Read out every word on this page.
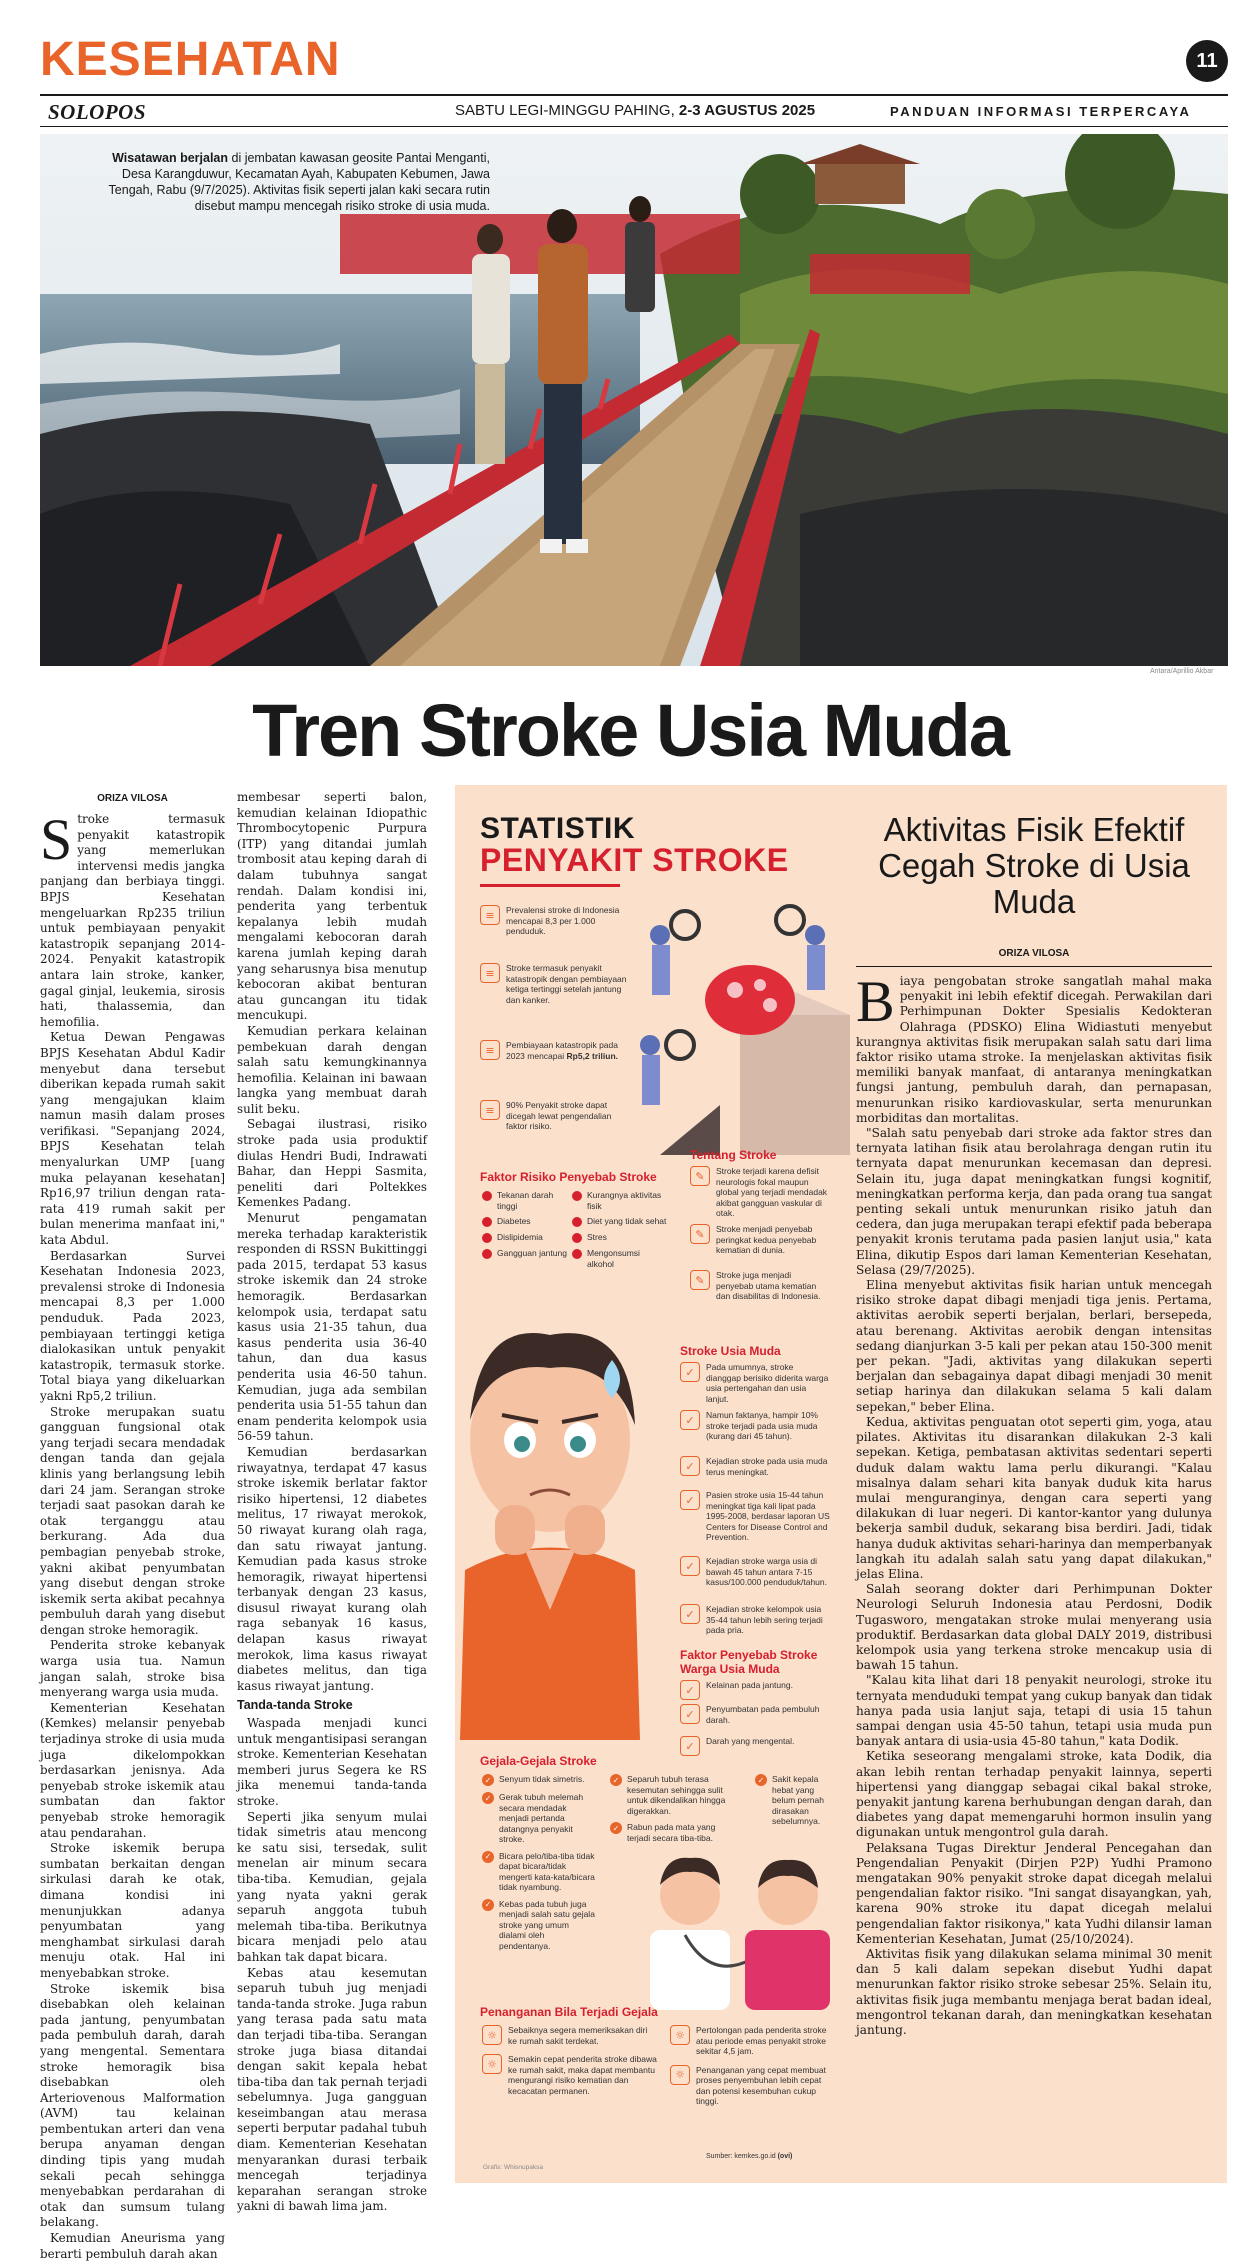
KESEHATAN	11
SOLOPOS	SABTU LEGI-MINGGU PAHING, 2-3 AGUSTUS 2025	PANDUAN INFORMASI TERPERCAYA
Wisatawan berjalan di jembatan kawasan geosite Pantai Menganti, Desa Karangduwur, Kecamatan Ayah, Kabupaten Kebumen, Jawa Tengah, Rabu (9/7/2025). Aktivitas fisik seperti jalan kaki secara rutin disebut mampu mencegah risiko stroke di usia muda.
Antara/Aprillio Akbar
Tren Stroke Usia Muda
ORIZA VILOSA

Stroke termasuk penyakit katastropik yang memerlukan intervensi medis jangka panjang dan berbiaya tinggi. BPJS Kesehatan mengeluarkan Rp235 triliun untuk pembiayaan penyakit katastropik sepanjang 2014-2024. Penyakit katastropik antara lain stroke, kanker, gagal ginjal, leukemia, sirosis hati, thalassemia, dan hemofilia.

Ketua Dewan Pengawas BPJS Kesehatan Abdul Kadir menyebut dana tersebut diberikan kepada rumah sakit yang mengajukan klaim namun masih dalam proses verifikasi. "Sepanjang 2024, BPJS Kesehatan telah menyalurkan UMP [uang muka pelayanan kesehatan] Rp16,97 triliun dengan rata-rata 419 rumah sakit per bulan menerima manfaat ini," kata Abdul.

Berdasarkan Survei Kesehatan Indonesia 2023, prevalensi stroke di Indonesia mencapai 8,3 per 1.000 penduduk. Pada 2023, pembiayaan tertinggi ketiga dialokasikan untuk penyakit katastropik, termasuk storke. Total biaya yang dikeluarkan yakni Rp5,2 triliun.

Stroke merupakan suatu gangguan fungsional otak yang terjadi secara mendadak dengan tanda dan gejala klinis yang berlangsung lebih dari 24 jam. Serangan stroke terjadi saat pasokan darah ke otak terganggu atau berkurang. Ada dua pembagian penyebab stroke, yakni akibat penyumbatan yang disebut dengan stroke iskemik serta akibat pecahnya pembuluh darah yang disebut dengan stroke hemoragik.

Penderita stroke kebanyak warga usia tua. Namun jangan salah, stroke bisa menyerang warga usia muda.

Kementerian Kesehatan (Kemkes) melansir penyebab terjadinya stroke di usia muda juga dikelompokkan berdasarkan jenisnya. Ada penyebab stroke iskemik atau sumbatan dan faktor penyebab stroke hemoragik atau pendarahan.

Stroke iskemik berupa sumbatan berkaitan dengan sirkulasi darah ke otak, dimana kondisi ini menunjukkan adanya penyumbatan yang menghambat sirkulasi darah menuju otak. Hal ini menyebabkan stroke.

Stroke iskemik bisa disebabkan oleh kelainan pada jantung, penyumbatan pada pembuluh darah, darah yang mengental. Sementara stroke hemoragik bisa disebabkan oleh Arteriovenous Malformation (AVM) tau kelainan pembentukan arteri dan vena berupa anyaman dengan dinding tipis yang mudah sekali pecah sehingga menyebabkan perdarahan di otak dan sumsum tulang belakang.

Kemudian Aneurisma yang berarti pembuluh darah akan

membesar seperti balon, kemudian kelainan Idiopathic Thrombocytopenic Purpura (ITP) yang ditandai jumlah trombosit atau keping darah di dalam tubuhnya sangat rendah. Dalam kondisi ini, penderita yang terbentuk kepalanya lebih mudah mengalami kebocoran darah karena jumlah keping darah yang seharusnya bisa menutup kebocoran akibat benturan atau guncangan itu tidak mencukupi.

Kemudian perkara kelainan pembekuan darah dengan salah satu kemungkinannya hemofilia. Kelainan ini bawaan langka yang membuat darah sulit beku.

Sebagai ilustrasi, risiko stroke pada usia produktif diulas Hendri Budi, Indrawati Bahar, dan Heppi Sasmita, peneliti dari Poltekkes Kemenkes Padang.

Menurut pengamatan mereka terhadap karakteristik responden di RSSN Bukittinggi pada 2015, terdapat 53 kasus stroke iskemik dan 24 stroke hemoragik. Berdasarkan kelompok usia, terdapat satu kasus usia 21-35 tahun, dua kasus penderita usia 36-40 tahun, dan dua kasus penderita usia 46-50 tahun. Kemudian, juga ada sembilan penderita usia 51-55 tahun dan enam penderita kelompok usia 56-59 tahun.

Kemudian berdasarkan riwayatnya, terdapat 47 kasus stroke iskemik berlatar faktor risiko hipertensi, 12 diabetes melitus, 17 riwayat merokok, 50 riwayat kurang olah raga, dan satu riwayat jantung. Kemudian pada kasus stroke hemoragik, riwayat hipertensi terbanyak dengan 23 kasus, disusul riwayat kurang olah raga sebanyak 16 kasus, delapan kasus riwayat merokok, lima kasus riwayat diabetes melitus, dan tiga kasus riwayat jantung.

Tanda-tanda Stroke

Waspada menjadi kunci untuk mengantisipasi serangan stroke. Kementerian Kesehatan memberi jurus Segera ke RS jika menemui tanda-tanda stroke.

Seperti jika senyum mulai tidak simetris atau mencong ke satu sisi, tersedak, sulit menelan air minum secara tiba-tiba. Kemudian, gejala yang nyata yakni gerak separuh anggota tubuh melemah tiba-tiba. Berikutnya bicara menjadi pelo atau bahkan tak dapat bicara.

Kebas atau kesemutan separuh tubuh jug menjadi tanda-tanda stroke. Juga rabun yang terasa pada satu mata dan terjadi tiba-tiba. Serangan stroke juga biasa ditandai dengan sakit kepala hebat tiba-tiba dan tak pernah terjadi sebelumnya. Juga gangguan keseimbangan atau merasa seperti berputar padahal tubuh diam. Kementerian Kesehatan menyarankan durasi terbaik mencegah terjadinya keparahan serangan stroke yakni di bawah lima jam.

STATISTIK
PENYAKIT STROKE
≡	Prevalensi stroke di Indonesia mencapai 8,3 per 1.000 penduduk.
≡	Stroke termasuk penyakit katastropik dengan pembiayaan ketiga tertinggi setelah jantung dan kanker.
≡	Pembiayaan katastropik pada 2023 mencapai Rp5,2 triliun.
≡	90% Penyakit stroke dapat dicegah lewat pengendalian faktor risiko.
Tentang Stroke
✎	Stroke terjadi karena defisit neurologis fokal maupun global yang terjadi mendadak akibat gangguan vaskular di otak.
✎	Stroke menjadi penyebab peringkat kedua penyebab kematian di dunia.
✎	Stroke juga menjadi penyebab utama kematian dan disabilitas di Indonesia.
Faktor Risiko Penyebab Stroke
Tekanan darah tinggi
Diabetes
Dislipidemia
Gangguan jantung
Kurangnya aktivitas fisik
Diet yang tidak sehat
Stres
Mengonsumsi alkohol
Stroke Usia Muda
✓	Pada umumnya, stroke dianggap berisiko diderita warga usia pertengahan dan usia lanjut.
✓	Namun faktanya, hampir 10% stroke terjadi pada usia muda (kurang dari 45 tahun).
✓	Kejadian stroke pada usia muda terus meningkat.
✓	Pasien stroke usia 15-44 tahun meningkat tiga kali lipat pada 1995-2008, berdasar laporan US Centers for Disease Control and Prevention.
✓	Kejadian stroke warga usia di bawah 45 tahun antara 7-15 kasus/100.000 penduduk/tahun.
✓	Kejadian stroke kelompok usia 35-44 tahun lebih sering terjadi pada pria.
Faktor Penyebab Stroke Warga Usia Muda
✓	Kelainan pada jantung.
✓	Penyumbatan pada pembuluh darah.
✓	Darah yang mengental.
Gejala-Gejala Stroke
✓ Senyum tidak simetris.
✓ Gerak tubuh melemah secara mendadak menjadi pertanda datangnya penyakit stroke.
✓ Bicara pelo/tiba-tiba tidak dapat bicara/tidak mengerti kata-kata/bicara tidak nyambung.
✓ Kebas pada tubuh juga menjadi salah satu gejala stroke yang umum dialami oleh pendentanya.
✓ Separuh tubuh terasa kesemutan sehingga sulit untuk dikendalikan hingga digerakkan.
✓ Rabun pada mata yang terjadi secara tiba-tiba.
✓ Sakit kepala hebat yang belum pernah dirasakan sebelumnya.
Penanganan Bila Terjadi Gejala
☼	Sebaiknya segera memeriksakan diri ke rumah sakit terdekat.
☼	Semakin cepat penderita stroke dibawa ke rumah sakit, maka dapat membantu mengurangi risiko kematian dan kecacatan permanen.
☼	Pertolongan pada penderita stroke atau periode emas penyakit stroke sekitar 4,5 jam.
☼	Penanganan yang cepat membuat proses penyembuhan lebih cepat dan potensi kesembuhan cukup tinggi.
Grafis: Whisnupaksa
Sumber: kemkes.go.id (ovi)
Aktivitas Fisik Efektif Cegah Stroke di Usia Muda
ORIZA VILOSA

Biaya pengobatan stroke sangatlah mahal maka penyakit ini lebih efektif dicegah. Perwakilan dari Perhimpunan Dokter Spesialis Kedokteran Olahraga (PDSKO) Elina Widiastuti menyebut kurangnya aktivitas fisik merupakan salah satu dari lima faktor risiko utama stroke. Ia menjelaskan aktivitas fisik memiliki banyak manfaat, di antaranya meningkatkan fungsi jantung, pembuluh darah, dan pernapasan, menurunkan risiko kardiovaskular, serta menurunkan morbiditas dan mortalitas.

"Salah satu penyebab dari stroke ada faktor stres dan ternyata latihan fisik atau berolahraga dengan rutin itu ternyata dapat menurunkan kecemasan dan depresi. Selain itu, juga dapat meningkatkan fungsi kognitif, meningkatkan performa kerja, dan pada orang tua sangat penting sekali untuk menurunkan risiko jatuh dan cedera, dan juga merupakan terapi efektif pada beberapa penyakit kronis terutama pada pasien lanjut usia," kata Elina, dikutip Espos dari laman Kementerian Kesehatan, Selasa (29/7/2025).

Elina menyebut aktivitas fisik harian untuk mencegah risiko stroke dapat dibagi menjadi tiga jenis. Pertama, aktivitas aerobik seperti berjalan, berlari, bersepeda, atau berenang. Aktivitas aerobik dengan intensitas sedang dianjurkan 3-5 kali per pekan atau 150-300 menit per pekan. "Jadi, aktivitas yang dilakukan seperti berjalan dan sebagainya dapat dibagi menjadi 30 menit setiap harinya dan dilakukan selama 5 kali dalam sepekan," beber Elina.

Kedua, aktivitas penguatan otot seperti gim, yoga, atau pilates. Aktivitas itu disarankan dilakukan 2-3 kali sepekan. Ketiga, pembatasan aktivitas sedentari seperti duduk dalam waktu lama perlu dikurangi. "Kalau misalnya dalam sehari kita banyak duduk kita harus mulai menguranginya, dengan cara seperti yang dilakukan di luar negeri. Di kantor-kantor yang dulunya bekerja sambil duduk, sekarang bisa berdiri. Jadi, tidak hanya duduk aktivitas sehari-harinya dan memperbanyak langkah itu adalah salah satu yang dapat dilakukan," jelas Elina.

Salah seorang dokter dari Perhimpunan Dokter Neurologi Seluruh Indonesia atau Perdosni, Dodik Tugasworo, mengatakan stroke mulai menyerang usia produktif. Berdasarkan data global DALY 2019, distribusi kelompok usia yang terkena stroke mencakup usia di bawah 15 tahun.

"Kalau kita lihat dari 18 penyakit neurologi, stroke itu ternyata menduduki tempat yang cukup banyak dan tidak hanya pada usia lanjut saja, tetapi di usia 15 tahun sampai dengan usia 45-50 tahun, tetapi usia muda pun banyak antara di usia-usia 45-80 tahun," kata Dodik.

Ketika seseorang mengalami stroke, kata Dodik, dia akan lebih rentan terhadap penyakit lainnya, seperti hipertensi yang dianggap sebagai cikal bakal stroke, penyakit jantung karena berhubungan dengan darah, dan diabetes yang dapat memengaruhi hormon insulin yang digunakan untuk mengontrol gula darah.

Pelaksana Tugas Direktur Jenderal Pencegahan dan Pengendalian Penyakit (Dirjen P2P) Yudhi Pramono mengatakan 90% penyakit stroke dapat dicegah melalui pengendalian faktor risiko. "Ini sangat disayangkan, yah, karena 90% stroke itu dapat dicegah melalui pengendalian faktor risikonya," kata Yudhi dilansir laman Kementerian Kesehatan, Jumat (25/10/2024).

Aktivitas fisik yang dilakukan selama minimal 30 menit dan 5 kali dalam sepekan disebut Yudhi dapat menurunkan faktor risiko stroke sebesar 25%. Selain itu, aktivitas fisik juga membantu menjaga berat badan ideal, mengontrol tekanan darah, dan meningkatkan kesehatan jantung.
